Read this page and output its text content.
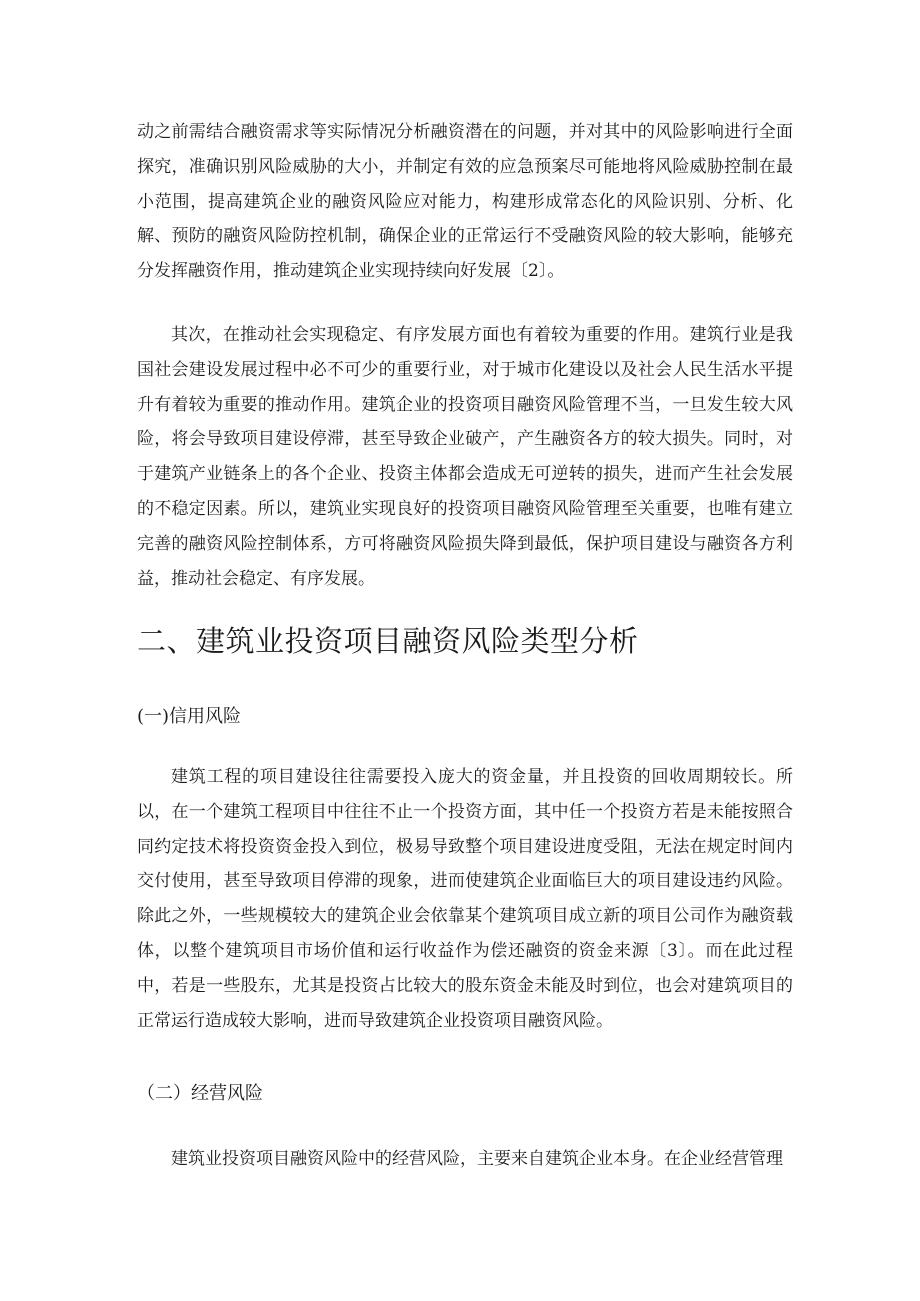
动之前需结合融资需求等实际情况分析融资潜在的问题，并对其中的风险影响进行全面探究，准确识别风险威胁的大小，并制定有效的应急预案尽可能地将风险威胁控制在最小范围，提高建筑企业的融资风险应对能力，构建形成常态化的风险识别、分析、化解、预防的融资风险防控机制，确保企业的正常运行不受融资风险的较大影响，能够充分发挥融资作用，推动建筑企业实现持续向好发展〔2〕。

其次，在推动社会实现稳定、有序发展方面也有着较为重要的作用。建筑行业是我国社会建设发展过程中必不可少的重要行业，对于城市化建设以及社会人民生活水平提升有着较为重要的推动作用。建筑企业的投资项目融资风险管理不当，一旦发生较大风险，将会导致项目建设停滞，甚至导致企业破产，产生融资各方的较大损失。同时，对于建筑产业链条上的各个企业、投资主体都会造成无可逆转的损失，进而产生社会发展的不稳定因素。所以，建筑业实现良好的投资项目融资风险管理至关重要，也唯有建立完善的融资风险控制体系，方可将融资风险损失降到最低，保护项目建设与融资各方利益，推动社会稳定、有序发展。

二、建筑业投资项目融资风险类型分析
(一)信用风险

建筑工程的项目建设往往需要投入庞大的资金量，并且投资的回收周期较长。所以，在一个建筑工程项目中往往不止一个投资方面，其中任一个投资方若是未能按照合同约定技术将投资资金投入到位，极易导致整个项目建设进度受阻，无法在规定时间内交付使用，甚至导致项目停滞的现象，进而使建筑企业面临巨大的项目建设违约风险。除此之外，一些规模较大的建筑企业会依靠某个建筑项目成立新的项目公司作为融资载体，以整个建筑项目市场价值和运行收益作为偿还融资的资金来源〔3〕。而在此过程中，若是一些股东，尤其是投资占比较大的股东资金未能及时到位，也会对建筑项目的正常运行造成较大影响，进而导致建筑企业投资项目融资风险。

（二）经营风险

建筑业投资项目融资风险中的经营风险，主要来自建筑企业本身。在企业经营管理
